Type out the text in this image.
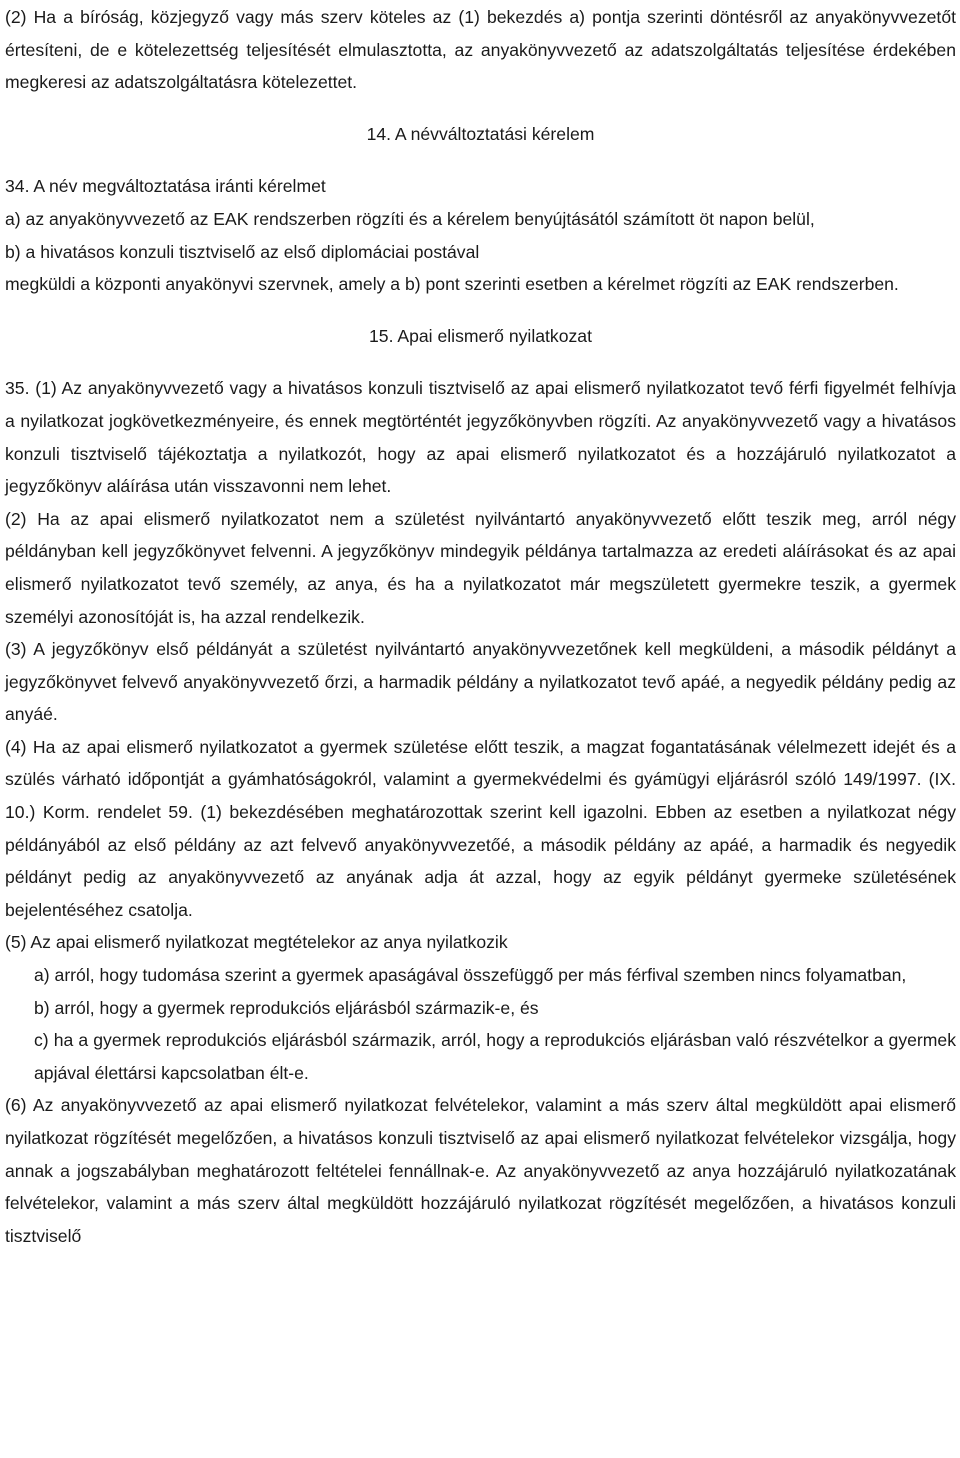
(2) Ha a bíróság, közjegyző vagy más szerv köteles az (1) bekezdés a) pontja szerinti döntésről az anyakönyvvezetőt értesíteni, de e kötelezettség teljesítését elmulasztotta, az anyakönyvvezető az adatszolgáltatás teljesítése érdekében megkeresi az adatszolgáltatásra kötelezettet.

14. A névváltoztatási kérelem

34. A név megváltoztatása iránti kérelmet

a) az anyakönyvvezető az EAK rendszerben rögzíti és a kérelem benyújtásától számított öt napon belül,

b) a hivatásos konzuli tisztviselő az első diplomáciai postával

megküldi a központi anyakönyvi szervnek, amely a b) pont szerinti esetben a kérelmet rögzíti az EAK rendszerben.

15. Apai elismerő nyilatkozat

35. (1) Az anyakönyvvezető vagy a hivatásos konzuli tisztviselő az apai elismerő nyilatkozatot tevő férfi figyelmét felhívja a nyilatkozat jogkövetkezményeire, és ennek megtörténtét jegyzőkönyvben rögzíti. Az anyakönyvvezető vagy a hivatásos konzuli tisztviselő tájékoztatja a nyilatkozót, hogy az apai elismerő nyilatkozatot és a hozzájáruló nyilatkozatot a jegyzőkönyv aláírása után visszavonni nem lehet.

(2) Ha az apai elismerő nyilatkozatot nem a születést nyilvántartó anyakönyvvezető előtt teszik meg, arról négy példányban kell jegyzőkönyvet felvenni. A jegyzőkönyv mindegyik példánya tartalmazza az eredeti aláírásokat és az apai elismerő nyilatkozatot tevő személy, az anya, és ha a nyilatkozatot már megszületett gyermekre teszik, a gyermek személyi azonosítóját is, ha azzal rendelkezik.

(3) A jegyzőkönyv első példányát a születést nyilvántartó anyakönyvvezetőnek kell megküldeni, a második példányt a jegyzőkönyvet felvevő anyakönyvvezető őrzi, a harmadik példány a nyilatkozatot tevő apáé, a negyedik példány pedig az anyáé.

(4) Ha az apai elismerő nyilatkozatot a gyermek születése előtt teszik, a magzat fogantatásának vélelmezett idejét és a szülés várható időpontját a gyámhatóságokról, valamint a gyermekvédelmi és gyámügyi eljárásról szóló 149/1997. (IX. 10.) Korm. rendelet 59. (1) bekezdésében meghatározottak szerint kell igazolni. Ebben az esetben a nyilatkozat négy példányából az első példány az azt felvevő anyakönyvvezetőé, a második példány az apáé, a harmadik és negyedik példányt pedig az anyakönyvvezető az anyának adja át azzal, hogy az egyik példányt gyermeke születésének bejelentéséhez csatolja.

(5) Az apai elismerő nyilatkozat megtételekor az anya nyilatkozik

a) arról, hogy tudomása szerint a gyermek apaságával összefüggő per más férfival szemben nincs folyamatban,

b) arról, hogy a gyermek reprodukciós eljárásból származik-e, és

c) ha a gyermek reprodukciós eljárásból származik, arról, hogy a reprodukciós eljárásban való részvételkor a gyermek apjával élettársi kapcsolatban élt-e.

(6) Az anyakönyvvezető az apai elismerő nyilatkozat felvételekor, valamint a más szerv által megküldött apai elismerő nyilatkozat rögzítését megelőzően, a hivatásos konzuli tisztviselő az apai elismerő nyilatkozat felvételekor vizsgálja, hogy annak a jogszabályban meghatározott feltételei fennállnak-e. Az anyakönyvvezető az anya hozzájáruló nyilatkozatának felvételekor, valamint a más szerv által megküldött hozzájáruló nyilatkozat rögzítését megelőzően, a hivatásos konzuli tisztviselő
